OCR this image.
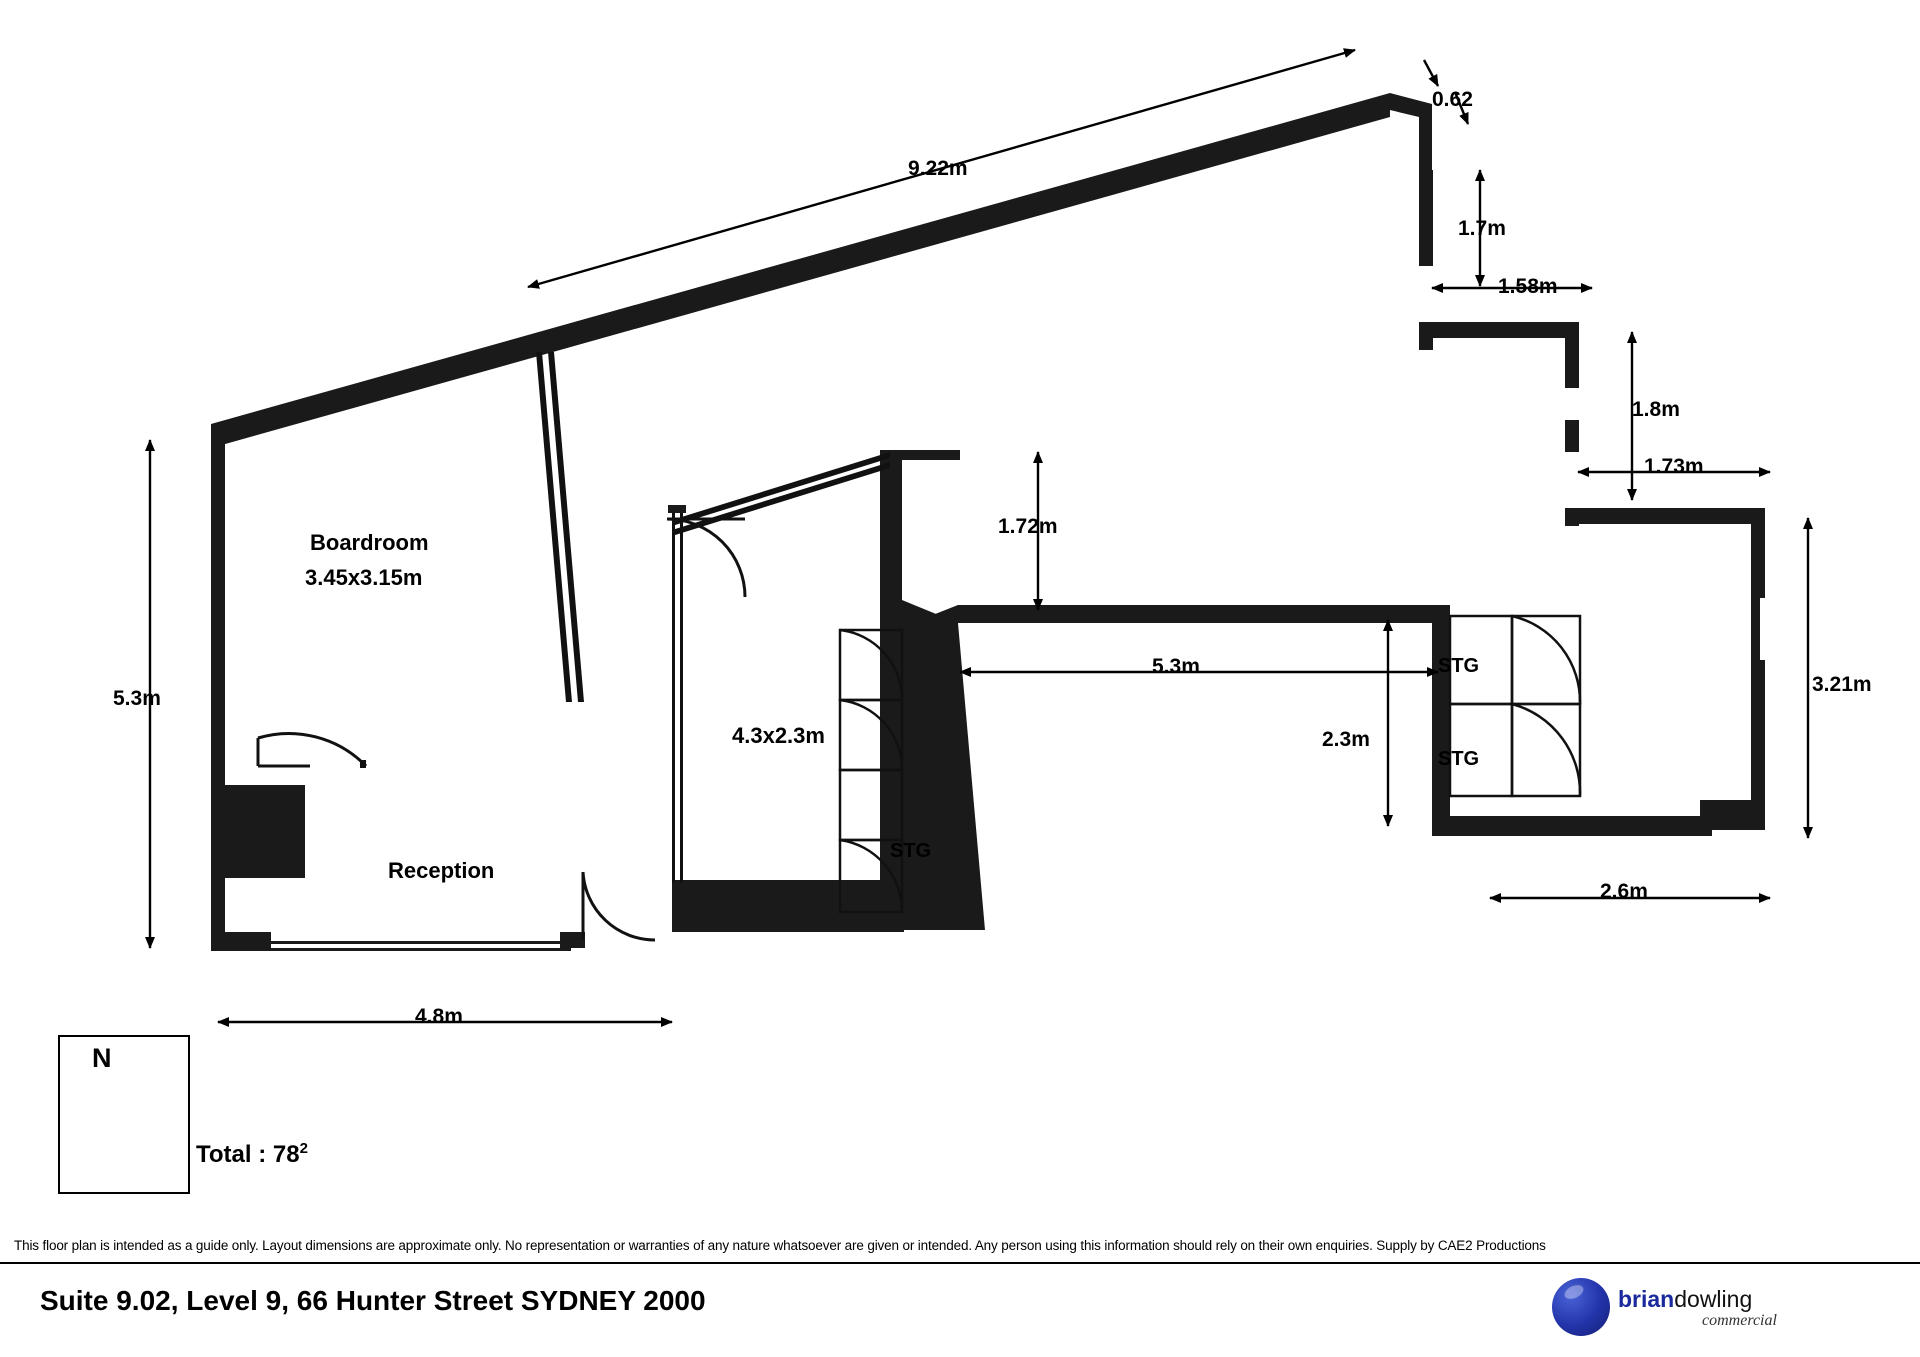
Boardroom
3.45x3.15m
Reception
4.3x2.3m
STG
STG
STG
9.22m
0.62
1.7m
1.58m
1.8m
1.73m
3.21m
2.6m
5.3m
2.3m
1.72m
5.3m
4.8m
N
Total : $78^2$
This floor plan is intended as a guide only. Layout dimensions are approximate only. No representation or warranties of any nature whatsoever are given or intended. Any person using this information should rely on their own enquiries. Supply by CAE2 Productions
Suite 9.02, Level 9, 66 Hunter Street SYDNEY 2000	briandowling
commercial
